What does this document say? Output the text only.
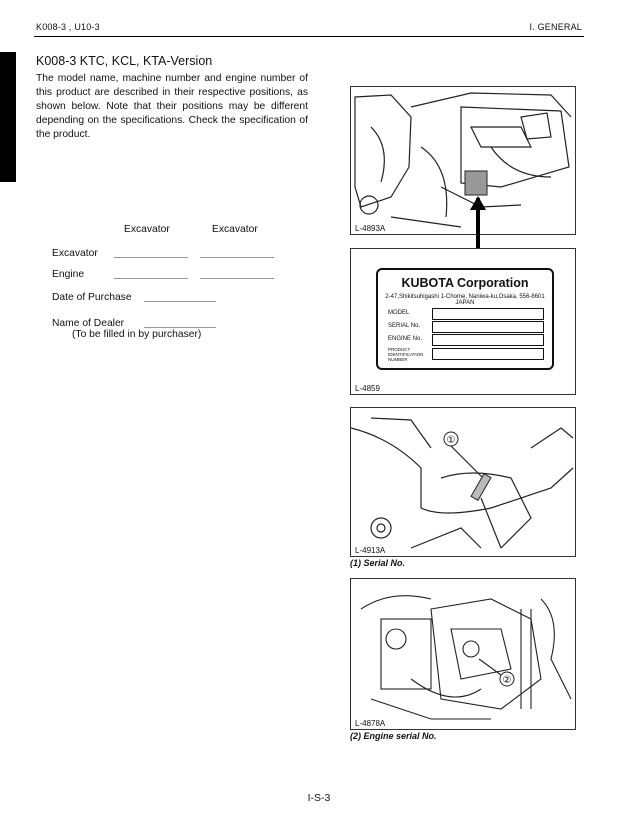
K008-3 , U10-3	I. GENERAL
K008-3 KTC, KCL, KTA-Version
The model name, machine number and engine number of this product are described in their respective positions, as shown below. Note that their positions may be different depending on the specifications. Check the specification of the product.
Excavator	Excavator
Excavator
Engine
Date of Purchase
Name of Dealer
(To be filled in by purchaser)
L-4893A
L-4859
KUBOTA Corporation
2-47,Shikitsuhigashi 1-Chome, Naniwa-ku,Osaka, 556-8601 JAPAN
MODEL
SERIAL No.
ENGINE No.
PRODUCT
IDENTIFICATION
NUMBER
①
L-4913A
(1) Serial No.
②
L-4878A
(2) Engine serial No.
I-S-3
